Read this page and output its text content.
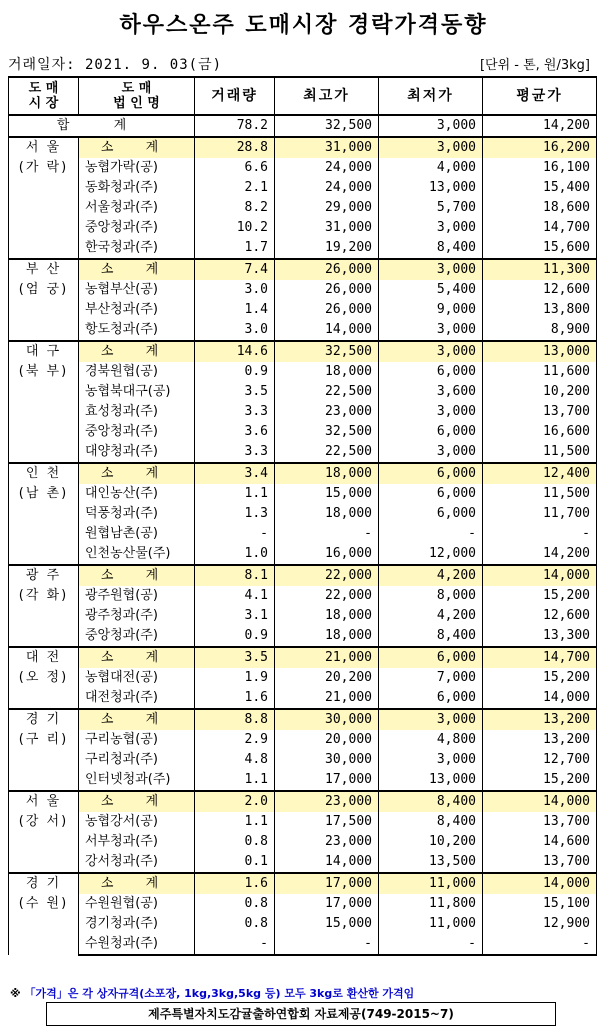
하우스온주 도매시장 경락가격동향
거래일자: 2021. 9. 03(금)	[단위 - 톤, 원/3kg]
도 매
시 장	도 매
법 인 명	거래량	최고가	최저가	평균가
합 계		78.2	32,500	3,000	14,200
서 울
(가 락)	소 계	28.8	31,000	3,000	16,200
	농협가락(공)	6.6	24,000	4,000	16,100
	동화청과(주)	2.1	24,000	13,000	15,400
	서울청과(주)	8.2	29,000	5,700	18,600
	중앙청과(주)	10.2	31,000	3,000	14,700
	한국청과(주)	1.7	19,200	8,400	15,600
부 산
(엄 궁)	소 계	7.4	26,000	3,000	11,300
	농협부산(공)	3.0	26,000	5,400	12,600
	부산청과(주)	1.4	26,000	9,000	13,800
	항도청과(주)	3.0	14,000	3,000	8,900
대 구
(북 부)	소 계	14.6	32,500	3,000	13,000
	경북원협(공)	0.9	18,000	6,000	11,600
	농협북대구(공)	3.5	22,500	3,600	10,200
	효성청과(주)	3.3	23,000	3,000	13,700
	중앙청과(주)	3.6	32,500	6,000	16,600
	대양청과(주)	3.3	22,500	3,000	11,500
인 천
(남 촌)	소 계	3.4	18,000	6,000	12,400
	대인농산(주)	1.1	15,000	6,000	11,500
	덕풍청과(주)	1.3	18,000	6,000	11,700
	원협남촌(공)	-	-	-	-
	인천농산물(주)	1.0	16,000	12,000	14,200
광 주
(각 화)	소 계	8.1	22,000	4,200	14,000
	광주원협(공)	4.1	22,000	8,000	15,200
	광주청과(주)	3.1	18,000	4,200	12,600
	중앙청과(주)	0.9	18,000	8,400	13,300
대 전
(오 정)	소 계	3.5	21,000	6,000	14,700
	농협대전(공)	1.9	20,200	7,000	15,200
	대전청과(주)	1.6	21,000	6,000	14,000
경 기
(구 리)	소 계	8.8	30,000	3,000	13,200
	구리농협(공)	2.9	20,000	4,800	13,200
	구리청과(주)	4.8	30,000	3,000	12,700
	인터넷청과(주)	1.1	17,000	13,000	15,200
서 울
(강 서)	소 계	2.0	23,000	8,400	14,000
	농협강서(공)	1.1	17,500	8,400	13,700
	서부청과(주)	0.8	23,000	10,200	14,600
	강서청과(주)	0.1	14,000	13,500	13,700
경 기
(수 원)	소 계	1.6	17,000	11,000	14,000
	수원원협(공)	0.8	17,000	11,800	15,100
	경기청과(주)	0.8	15,000	11,000	12,900
	수원청과(주)	-	-	-	-
※ 「가격」은 각 상자규격(소포장, 1kg,3kg,5kg 등) 모두 3kg로 환산한 가격임
제주특별자치도감귤출하연합회 자료제공(749-2015~7)
